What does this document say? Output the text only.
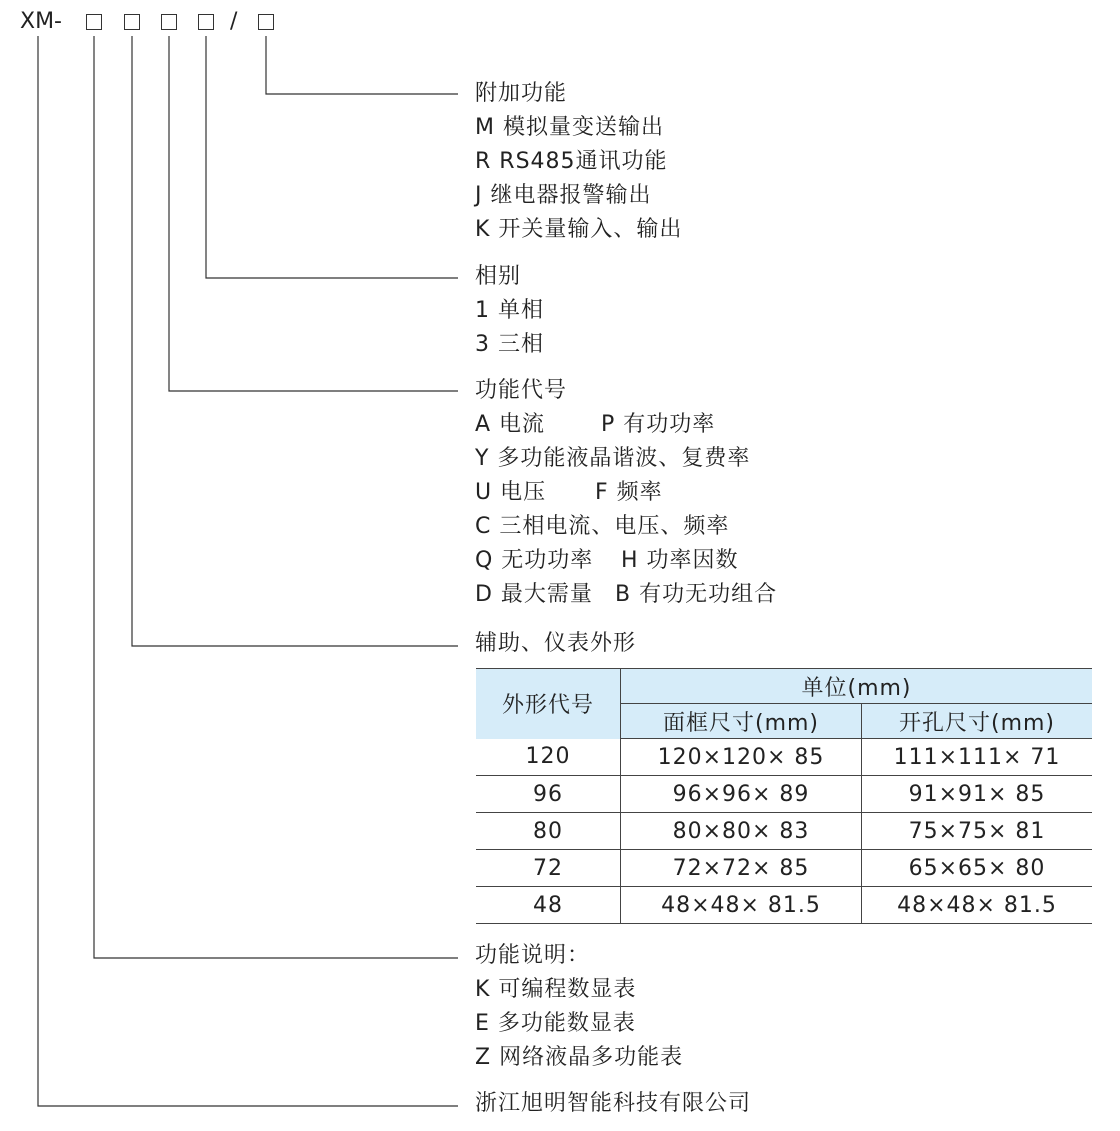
XM-	/
附加功能
M 模拟量变送输出
R RS485通讯功能
J 继电器报警输出
K 开关量输入、输出
相别
1 单相
3 三相
功能代号
A 电流	P 有功功率
Y 多功能液晶谐波、复费率
U 电压 F 频率
C 三相电流、电压、频率
Q 无功功率 H 功率因数
D 最大需量 B 有功无功组合
辅助、仪表外形
外形代号	单位(mm)	
	面框尺寸(mm)	开孔尺寸(mm)
120	120×120× 85	111×111× 71
96	96×96× 89	91×91× 85
80	80×80× 83	75×75× 81
72	72×72× 85	65×65× 80
48	48×48× 81.5	48×48× 81.5
功能说明：
K 可编程数显表
E 多功能数显表
Z 网络液晶多功能表
浙江旭明智能科技有限公司
